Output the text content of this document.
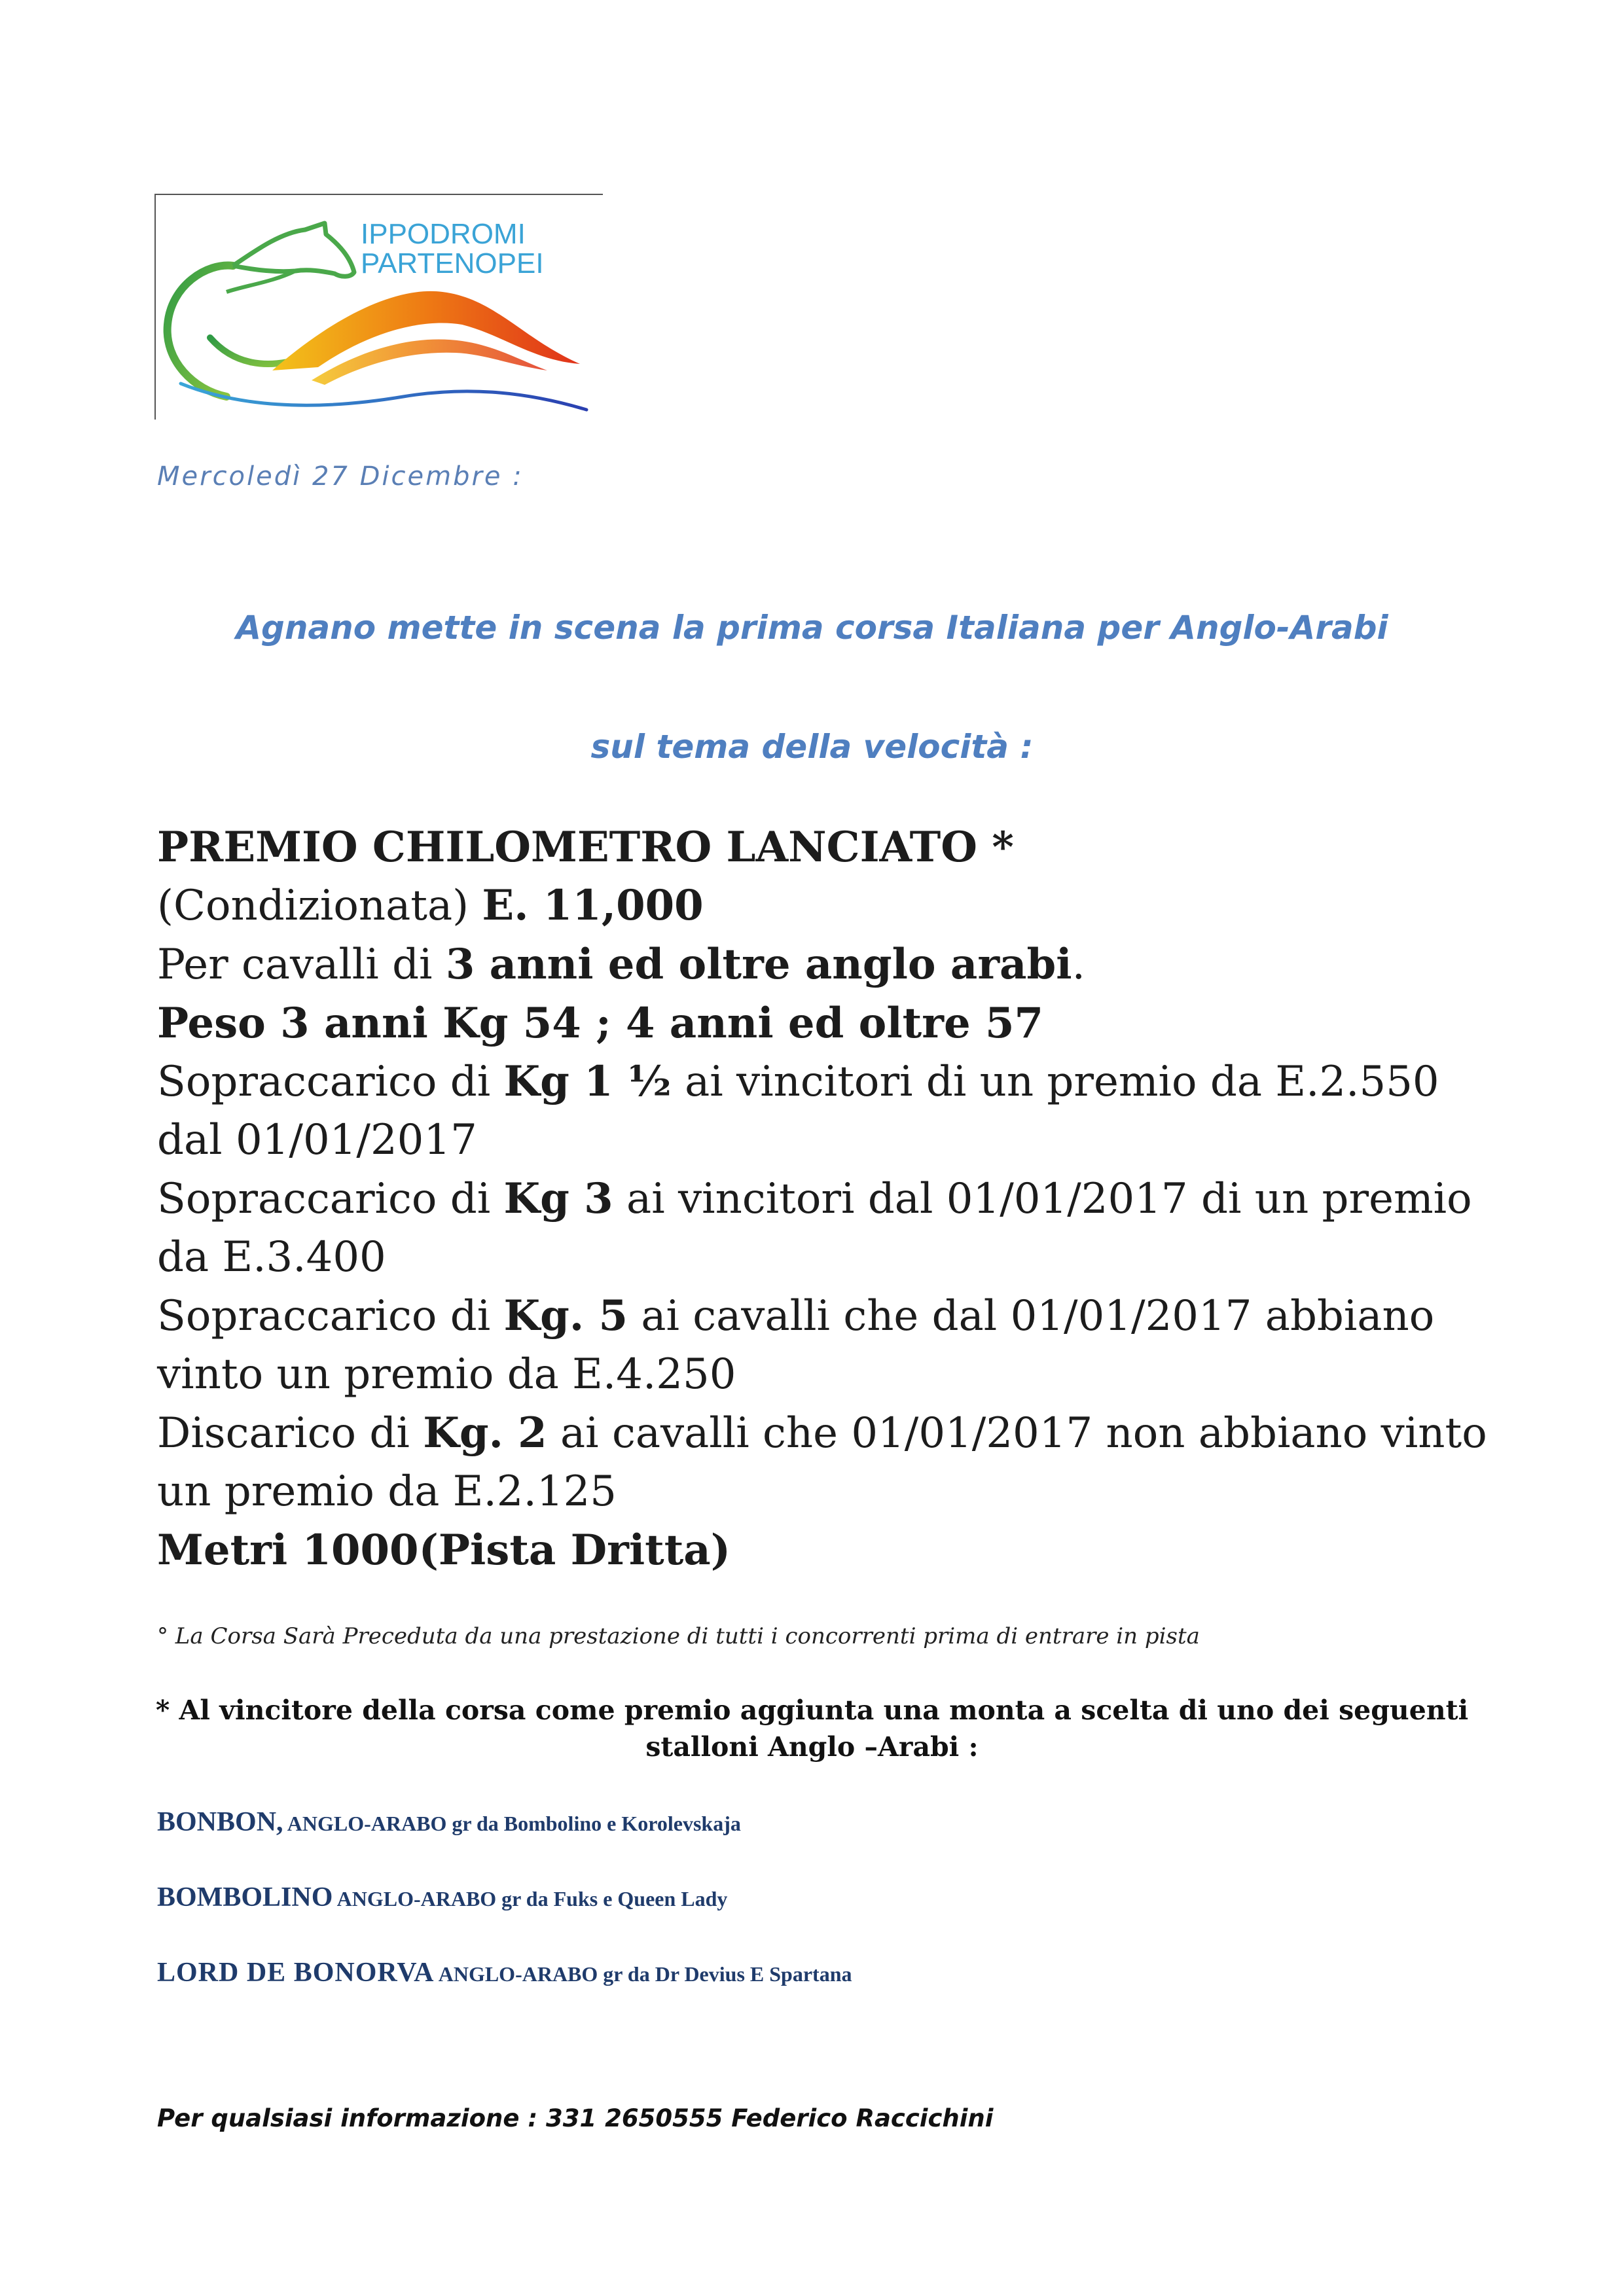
IPPODROMI
PARTENOPEI
Mercoledì 27 Dicembre :
Agnano mette in scena la prima corsa Italiana per Anglo-Arabi
sul tema della velocità :
PREMIO CHILOMETRO LANCIATO *
(Condizionata) E. 11,000
Per cavalli di 3 anni ed oltre anglo arabi.
Peso 3 anni Kg 54 ; 4 anni ed oltre 57
Sopraccarico di Kg 1 ½ ai vincitori di un premio da E.2.550
dal 01/01/2017
Sopraccarico di Kg 3 ai vincitori dal 01/01/2017 di un premio
da E.3.400
Sopraccarico di Kg. 5 ai cavalli che dal 01/01/2017 abbiano
vinto un premio da E.4.250
Discarico di Kg. 2 ai cavalli che 01/01/2017 non abbiano vinto
un premio da E.2.125
Metri 1000(Pista Dritta)
° La Corsa Sarà Preceduta da una prestazione di tutti i concorrenti prima di entrare in pista
* Al vincitore della corsa come premio aggiunta una monta a scelta di uno dei seguenti
stalloni Anglo –Arabi :
BONBON, ANGLO-ARABO gr da Bombolino e Korolevskaja
BOMBOLINO ANGLO-ARABO gr da Fuks e Queen Lady
LORD DE BONORVA ANGLO-ARABO gr da Dr Devius E Spartana
Per qualsiasi informazione : 331 2650555 Federico Raccichini
